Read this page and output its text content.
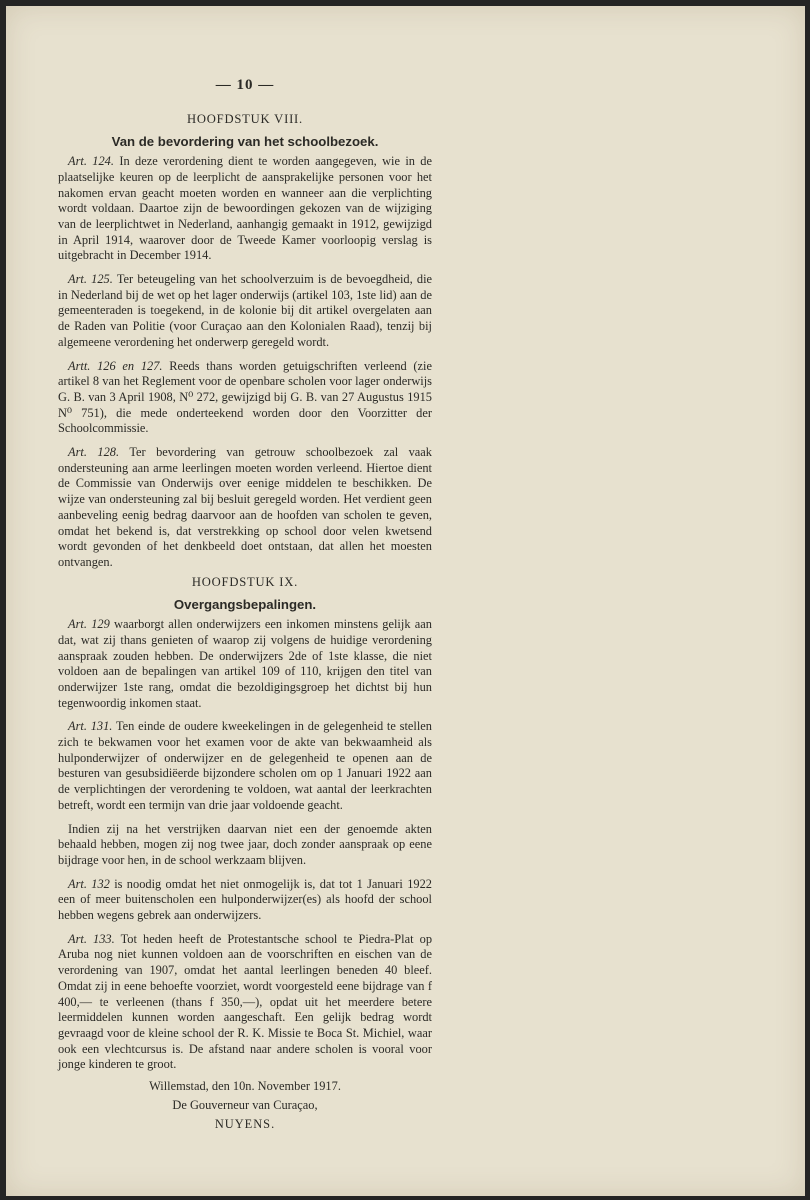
— 10 —
HOOFDSTUK VIII.
Van de bevordering van het schoolbezoek.

Art. 124. In deze verordening dient te worden aangegeven, wie in de plaatselijke keuren op de leerplicht de aansprakelijke personen voor het nakomen ervan geacht moeten worden en wanneer aan die verplichting wordt voldaan. Daartoe zijn de bewoordingen gekozen van de wijziging van de leerplichtwet in Nederland, aanhangig gemaakt in 1912, gewijzigd in April 1914, waarover door de Tweede Kamer voorloopig verslag is uitgebracht in December 1914.

Art. 125. Ter beteugeling van het schoolverzuim is de bevoegdheid, die in Nederland bij de wet op het lager onderwijs (artikel 103, 1ste lid) aan de gemeenteraden is toegekend, in de kolonie bij dit artikel overgelaten aan de Raden van Politie (voor Curaçao aan den Kolonialen Raad), tenzij bij algemeene verordening het onderwerp geregeld wordt.

Artt. 126 en 127. Reeds thans worden getuigschriften verleend (zie artikel 8 van het Reglement voor de openbare scholen voor lager onderwijs G. B. van 3 April 1908, N⁰ 272, gewijzigd bij G. B. van 27 Augustus 1915 N⁰ 751), die mede onderteekend worden door den Voorzitter der Schoolcommissie.

Art. 128. Ter bevordering van getrouw schoolbezoek zal vaak ondersteuning aan arme leerlingen moeten worden verleend. Hiertoe dient de Commissie van Onderwijs over eenige middelen te beschikken. De wijze van ondersteuning zal bij besluit geregeld worden. Het verdient geen aanbeveling eenig bedrag daarvoor aan de hoofden van scholen te geven, omdat het bekend is, dat verstrekking op school door velen kwetsend wordt gevonden of het denkbeeld doet ontstaan, dat allen het moesten ontvangen.

HOOFDSTUK IX.
Overgangsbepalingen.

Art. 129 waarborgt allen onderwijzers een inkomen minstens gelijk aan dat, wat zij thans genieten of waarop zij volgens de huidige verordening aanspraak zouden hebben. De onderwijzers 2de of 1ste klasse, die niet voldoen aan de bepalingen van artikel 109 of 110, krijgen den titel van onderwijzer 1ste rang, omdat die bezoldigingsgroep het dichtst bij hun tegenwoordig inkomen staat.

Art. 131. Ten einde de oudere kweekelingen in de gelegenheid te stellen zich te bekwamen voor het examen voor de akte van bekwaamheid als hulponderwijzer of onderwijzer en de gelegenheid te openen aan de besturen van gesubsidiëerde bijzondere scholen om op 1 Januari 1922 aan de verplichtingen der verordening te voldoen, wat aantal der leerkrachten betreft, wordt een termijn van drie jaar voldoende geacht.

Indien zij na het verstrijken daarvan niet een der genoemde akten behaald hebben, mogen zij nog twee jaar, doch zonder aanspraak op eene bijdrage voor hen, in de school werkzaam blijven.

Art. 132 is noodig omdat het niet onmogelijk is, dat tot 1 Januari 1922 een of meer buitenscholen een hulponderwijzer(es) als hoofd der school hebben wegens gebrek aan onderwijzers.

Art. 133. Tot heden heeft de Protestantsche school te Piedra-Plat op Aruba nog niet kunnen voldoen aan de voorschriften en eischen van de verordening van 1907, omdat het aantal leerlingen beneden 40 bleef. Omdat zij in eene behoefte voorziet, wordt voorgesteld eene bijdrage van f 400,— te verleenen (thans f 350,—), opdat uit het meerdere betere leermiddelen kunnen worden aangeschaft. Een gelijk bedrag wordt gevraagd voor de kleine school der R. K. Missie te Boca St. Michiel, waar ook een vlechtcursus is. De afstand naar andere scholen is vooral voor jonge kinderen te groot.

Willemstad, den 10n. November 1917.

De Gouverneur van Curaçao,

NUYENS.
